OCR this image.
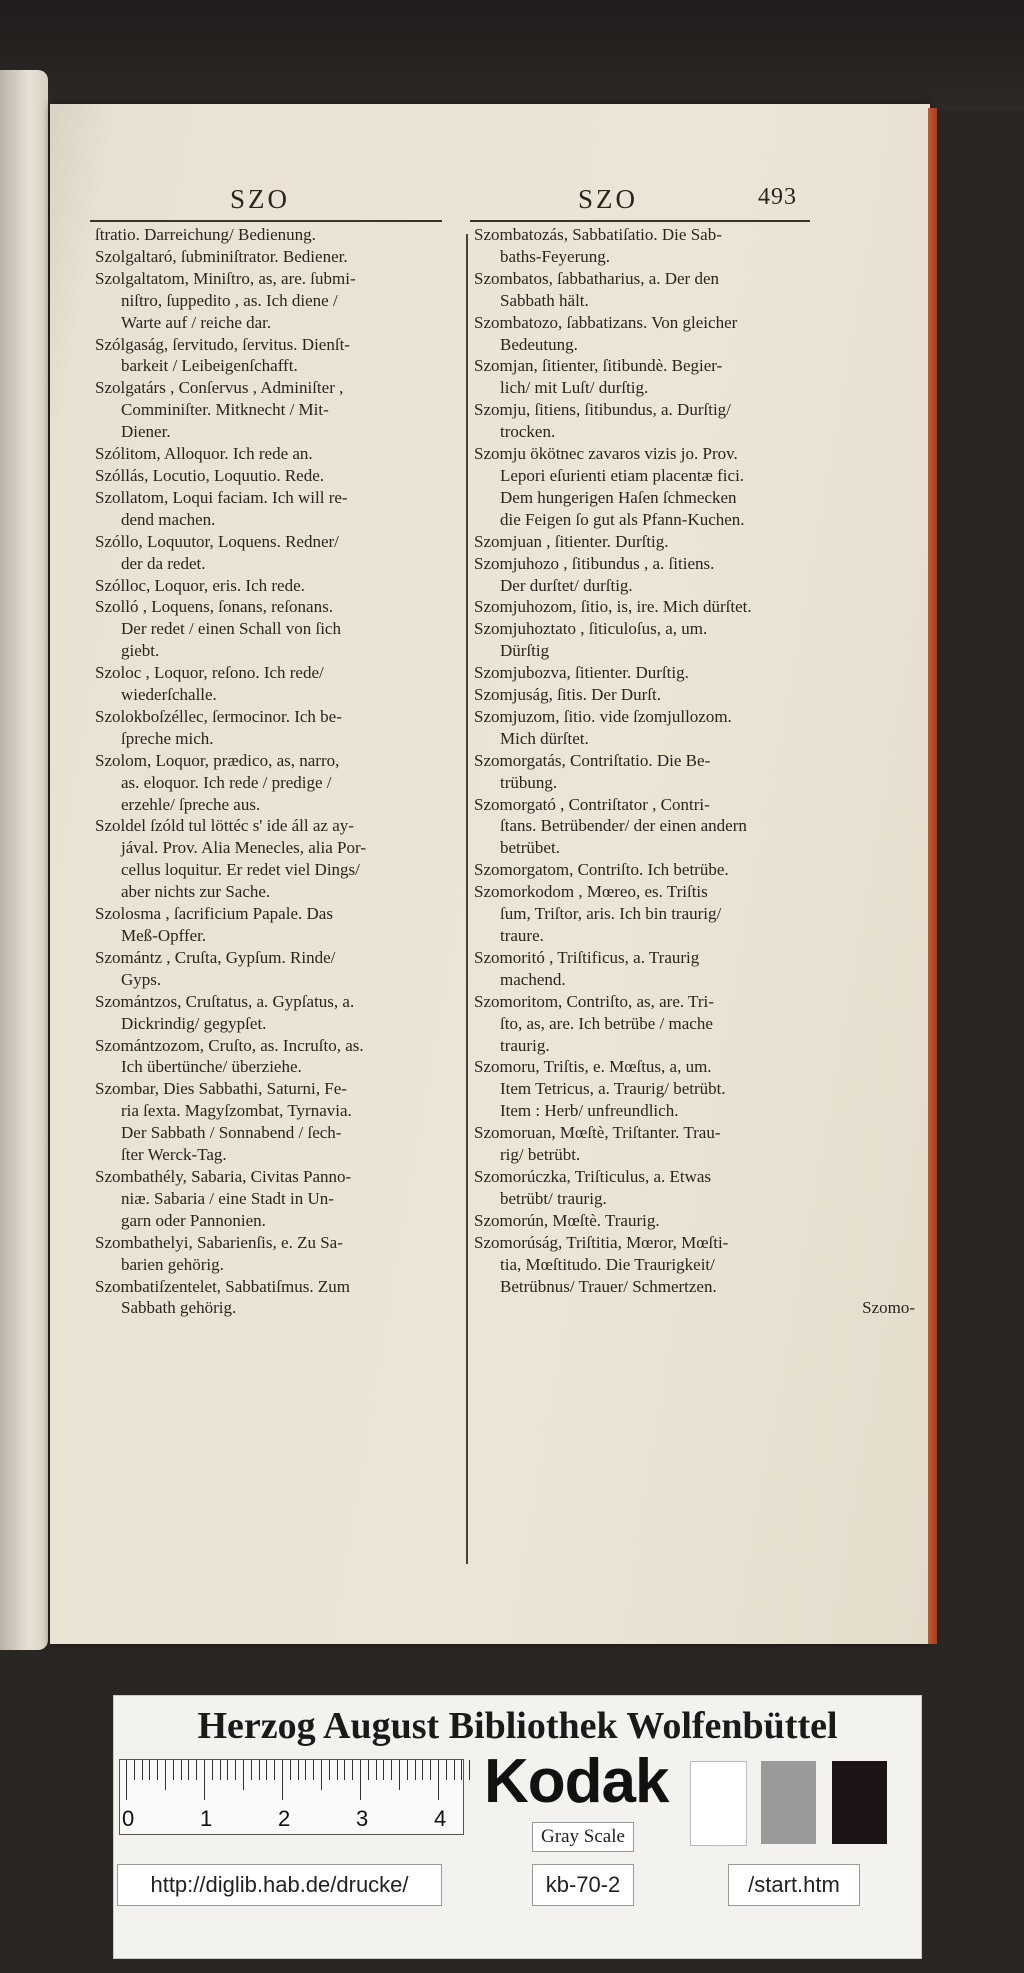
SZO	SZO	493
ſtratio. Darreichung/ Bedienung.
Szolgaltaró, ſubminiſtrator. Bediener.
Szolgaltatom, Miniſtro, as, are. ſubmi-
niſtro, ſuppedito , as. Ich diene /
Warte auf / reiche dar.
Szólgaság, ſervitudo, ſervitus. Dienſt-
barkeit / Leibeigenſchafft.
Szolgatárs , Conſervus , Adminiſter ,
Comminiſter. Mitknecht / Mit-
Diener.
Szólitom, Alloquor. Ich rede an.
Szóllás, Locutio, Loquutio. Rede.
Szollatom, Loqui faciam. Ich will re-
dend machen.
Szóllo, Loquutor, Loquens. Redner/
der da redet.
Szólloc, Loquor, eris. Ich rede.
Szolló , Loquens, ſonans, reſonans.
Der redet / einen Schall von ſich
giebt.
Szoloc , Loquor, reſono. Ich rede/
wiederſchalle.
Szolokboſzéllec, ſermocinor. Ich be-
ſpreche mich.
Szolom, Loquor, prædico, as, narro,
as. eloquor. Ich rede / predige /
erzehle/ ſpreche aus.
Szoldel ſzóld tul löttéc s' ide áll az ay-
jával. Prov. Alia Menecles, alia Por-
cellus loquitur. Er redet viel Dings/
aber nichts zur Sache.
Szolosma , ſacrificium Papale. Das
Meß-Opffer.
Szomántz , Cruſta, Gypſum. Rinde/
Gyps.
Szomántzos, Cruſtatus, a. Gypſatus, a.
Dickrindig/ gegypſet.
Szomántzozom, Cruſto, as. Incruſto, as.
Ich übertünche/ überziehe.
Szombar, Dies Sabbathi, Saturni, Fe-
ria ſexta. Magyſzombat, Tyrnavia.
Der Sabbath / Sonnabend / ſech-
ſter Werck-Tag.
Szombathély, Sabaria, Civitas Panno-
niæ. Sabaria / eine Stadt in Un-
garn oder Pannonien.
Szombathelyi, Sabarienſis, e. Zu Sa-
barien gehörig.
Szombatiſzentelet, Sabbatiſmus. Zum
Sabbath gehörig.
Szombatozás, Sabbatiſatio. Die Sab-
baths-Feyerung.
Szombatos, ſabbatharius, a. Der den
Sabbath hält.
Szombatozo, ſabbatizans. Von gleicher
Bedeutung.
Szomjan, ſitienter, ſitibundè. Begier-
lich/ mit Luſt/ durſtig.
Szomju, ſitiens, ſitibundus, a. Durſtig/
trocken.
Szomju ökötnec zavaros vizis jo. Prov.
Lepori eſurienti etiam placentæ fici.
Dem hungerigen Haſen ſchmecken
die Feigen ſo gut als Pfann-Kuchen.
Szomjuan , ſitienter. Durſtig.
Szomjuhozo , ſitibundus , a. ſitiens.
Der durſtet/ durſtig.
Szomjuhozom, ſitio, is, ire. Mich dürſtet.
Szomjuhoztato , ſiticuloſus, a, um.
Dürſtig
Szomjubozva, ſitienter. Durſtig.
Szomjuság, ſitis. Der Durſt.
Szomjuzom, ſitio. vide ſzomjullozom.
Mich dürſtet.
Szomorgatás, Contriſtatio. Die Be-
trübung.
Szomorgató , Contriſtator , Contri-
ſtans. Betrübender/ der einen andern
betrübet.
Szomorgatom, Contriſto. Ich betrübe.
Szomorkodom , Mœreo, es. Triſtis
ſum, Triſtor, aris. Ich bin traurig/
traure.
Szomoritó , Triſtificus, a. Traurig
machend.
Szomoritom, Contriſto, as, are. Tri-
ſto, as, are. Ich betrübe / mache
traurig.
Szomoru, Triſtis, e. Mœſtus, a, um.
Item Tetricus, a. Traurig/ betrübt.
Item : Herb/ unfreundlich.
Szomoruan, Mœſtè, Triſtanter. Trau-
rig/ betrübt.
Szomorúczka, Triſticulus, a. Etwas
betrübt/ traurig.
Szomorún, Mœſtè. Traurig.
Szomorúság, Triſtitia, Mœror, Mœſti-
tia, Mœſtitudo. Die Traurigkeit/
Betrübnus/ Trauer/ Schmertzen.
Szomo-
Herzog August Bibliothek Wolfenbüttel
0	1	2	3	4
Kodak
Gray Scale
http://diglib.hab.de/drucke/	kb-70-2	/start.htm
